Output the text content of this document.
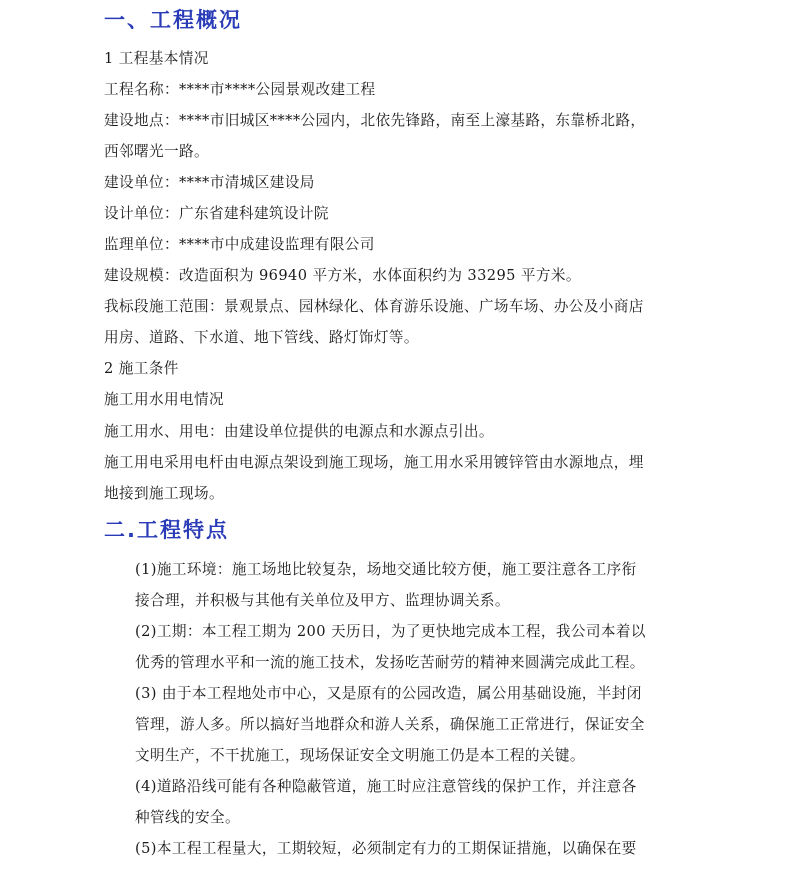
一、工程概况
1 工程基本情况
工程名称：****市****公园景观改建工程
建设地点：****市旧城区****公园内，北依先锋路，南至上濠基路，东靠桥北路，
西邻曙光一路。
建设单位：****市清城区建设局
设计单位：广东省建科建筑设计院
监理单位：****市中成建设监理有限公司
建设规模：改造面积为 96940 平方米，水体面积约为 33295 平方米。
我标段施工范围：景观景点、园林绿化、体育游乐设施、广场车场、办公及小商店
用房、道路、下水道、地下管线、路灯饰灯等。
2 施工条件
施工用水用电情况
施工用水、用电：由建设单位提供的电源点和水源点引出。
施工用电采用电杆由电源点架设到施工现场，施工用水采用镀锌管由水源地点，埋
地接到施工现场。
二.工程特点
(1)施工环境：施工场地比较复杂，场地交通比较方便，施工要注意各工序衔
接合理，并积极与其他有关单位及甲方、监理协调关系。
(2)工期：本工程工期为 200 天历日，为了更快地完成本工程，我公司本着以
优秀的管理水平和一流的施工技术，发扬吃苦耐劳的精神来圆满完成此工程。
(3) 由于本工程地处市中心，又是原有的公园改造，属公用基础设施，半封闭
管理，游人多。所以搞好当地群众和游人关系，确保施工正常进行，保证安全
文明生产，不干扰施工，现场保证安全文明施工仍是本工程的关键。
(4)道路沿线可能有各种隐蔽管道，施工时应注意管线的保护工作，并注意各
种管线的安全。
(5)本工程工程量大，工期较短，必须制定有力的工期保证措施，以确保在要
